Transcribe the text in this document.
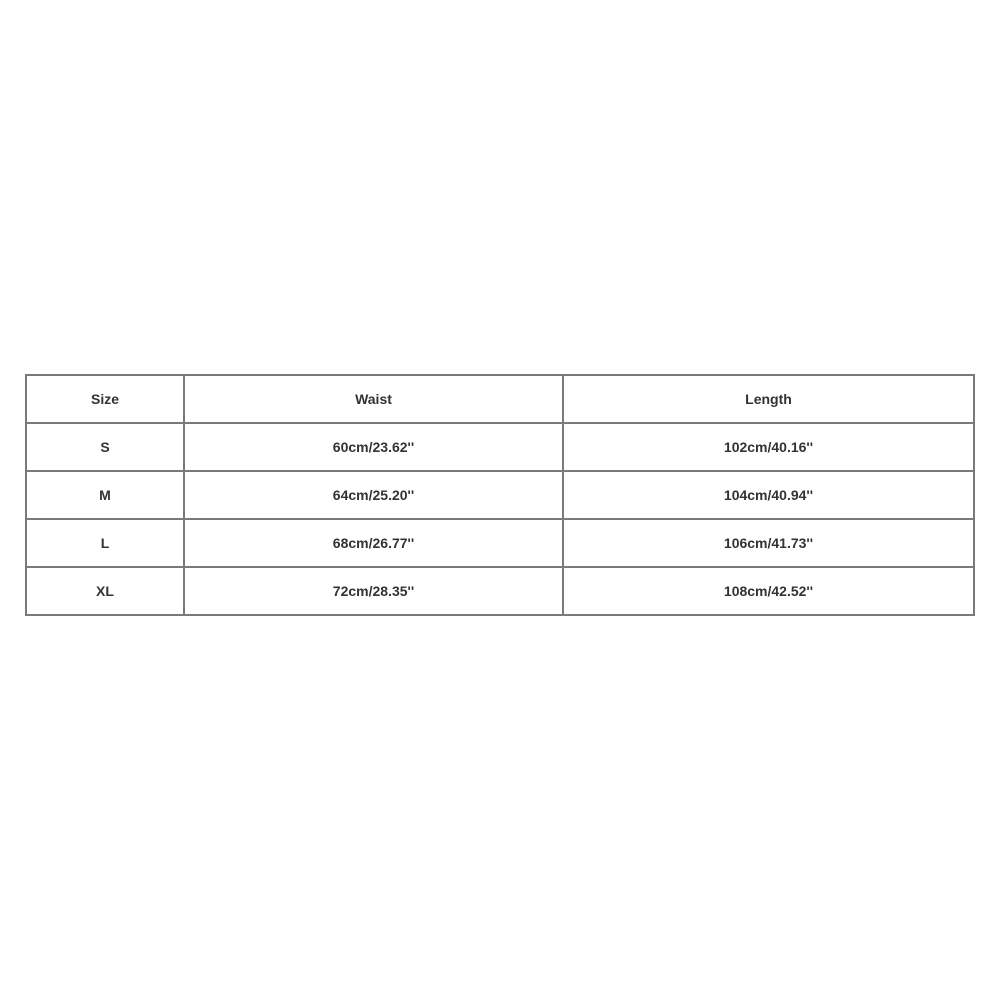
Size	Waist	Length
S	60cm/23.62''	102cm/40.16''
M	64cm/25.20''	104cm/40.94''
L	68cm/26.77''	106cm/41.73''
XL	72cm/28.35''	108cm/42.52''
